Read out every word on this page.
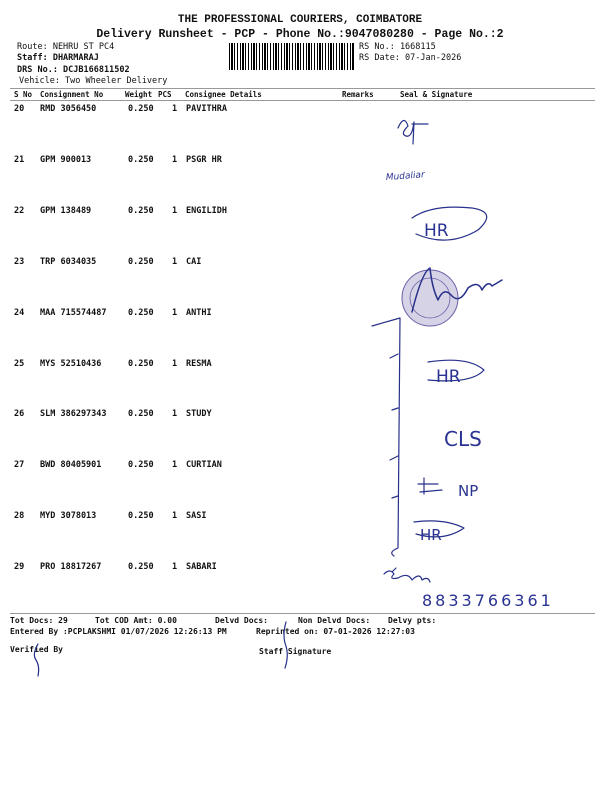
THE PROFESSIONAL COURIERS, COIMBATORE
Delivery Runsheet - PCP - Phone No.:9047080280 - Page No.:2
Route: NEHRU ST PC4
Staff: DHARMARAJ
DRS No.: DCJB166811502
Vehicle: Two Wheeler Delivery
RS No.: 1668115
RS Date: 07-Jan-2026
S No Consignment No	Weight PCS Consignee Details	Remarks	Seal & Signature
20 RMD 3056450	0.250 1 PAVITHRA
21 GPM 900013	0.250 1 PSGR HR
22 GPM 138489	0.250 1 ENGILIDH
23 TRP 6034035	0.250 1 CAI
24 MAA 715574487	0.250 1 ANTHI
25 MYS 52510436	0.250 1 RESMA
26 SLM 386297343	0.250 1 STUDY
27 BWD 80405901	0.250 1 CURTIAN
28 MYD 3078013	0.250 1 SASI
29 PRO 18817267	0.250 1 SABARI
Mudaliar
HR
HR
CLS
NP
HR
8833766361
Tot Docs: 29	Tot COD Amt: 0.00	Delvd Docs:	Non Delvd Docs: Delvy pts:
Entered By :PCPLAKSHMI 01/07/2026 12:26:13 PM	Reprinted on: 07-01-2026 12:27:03
Verified By	Staff Signature
